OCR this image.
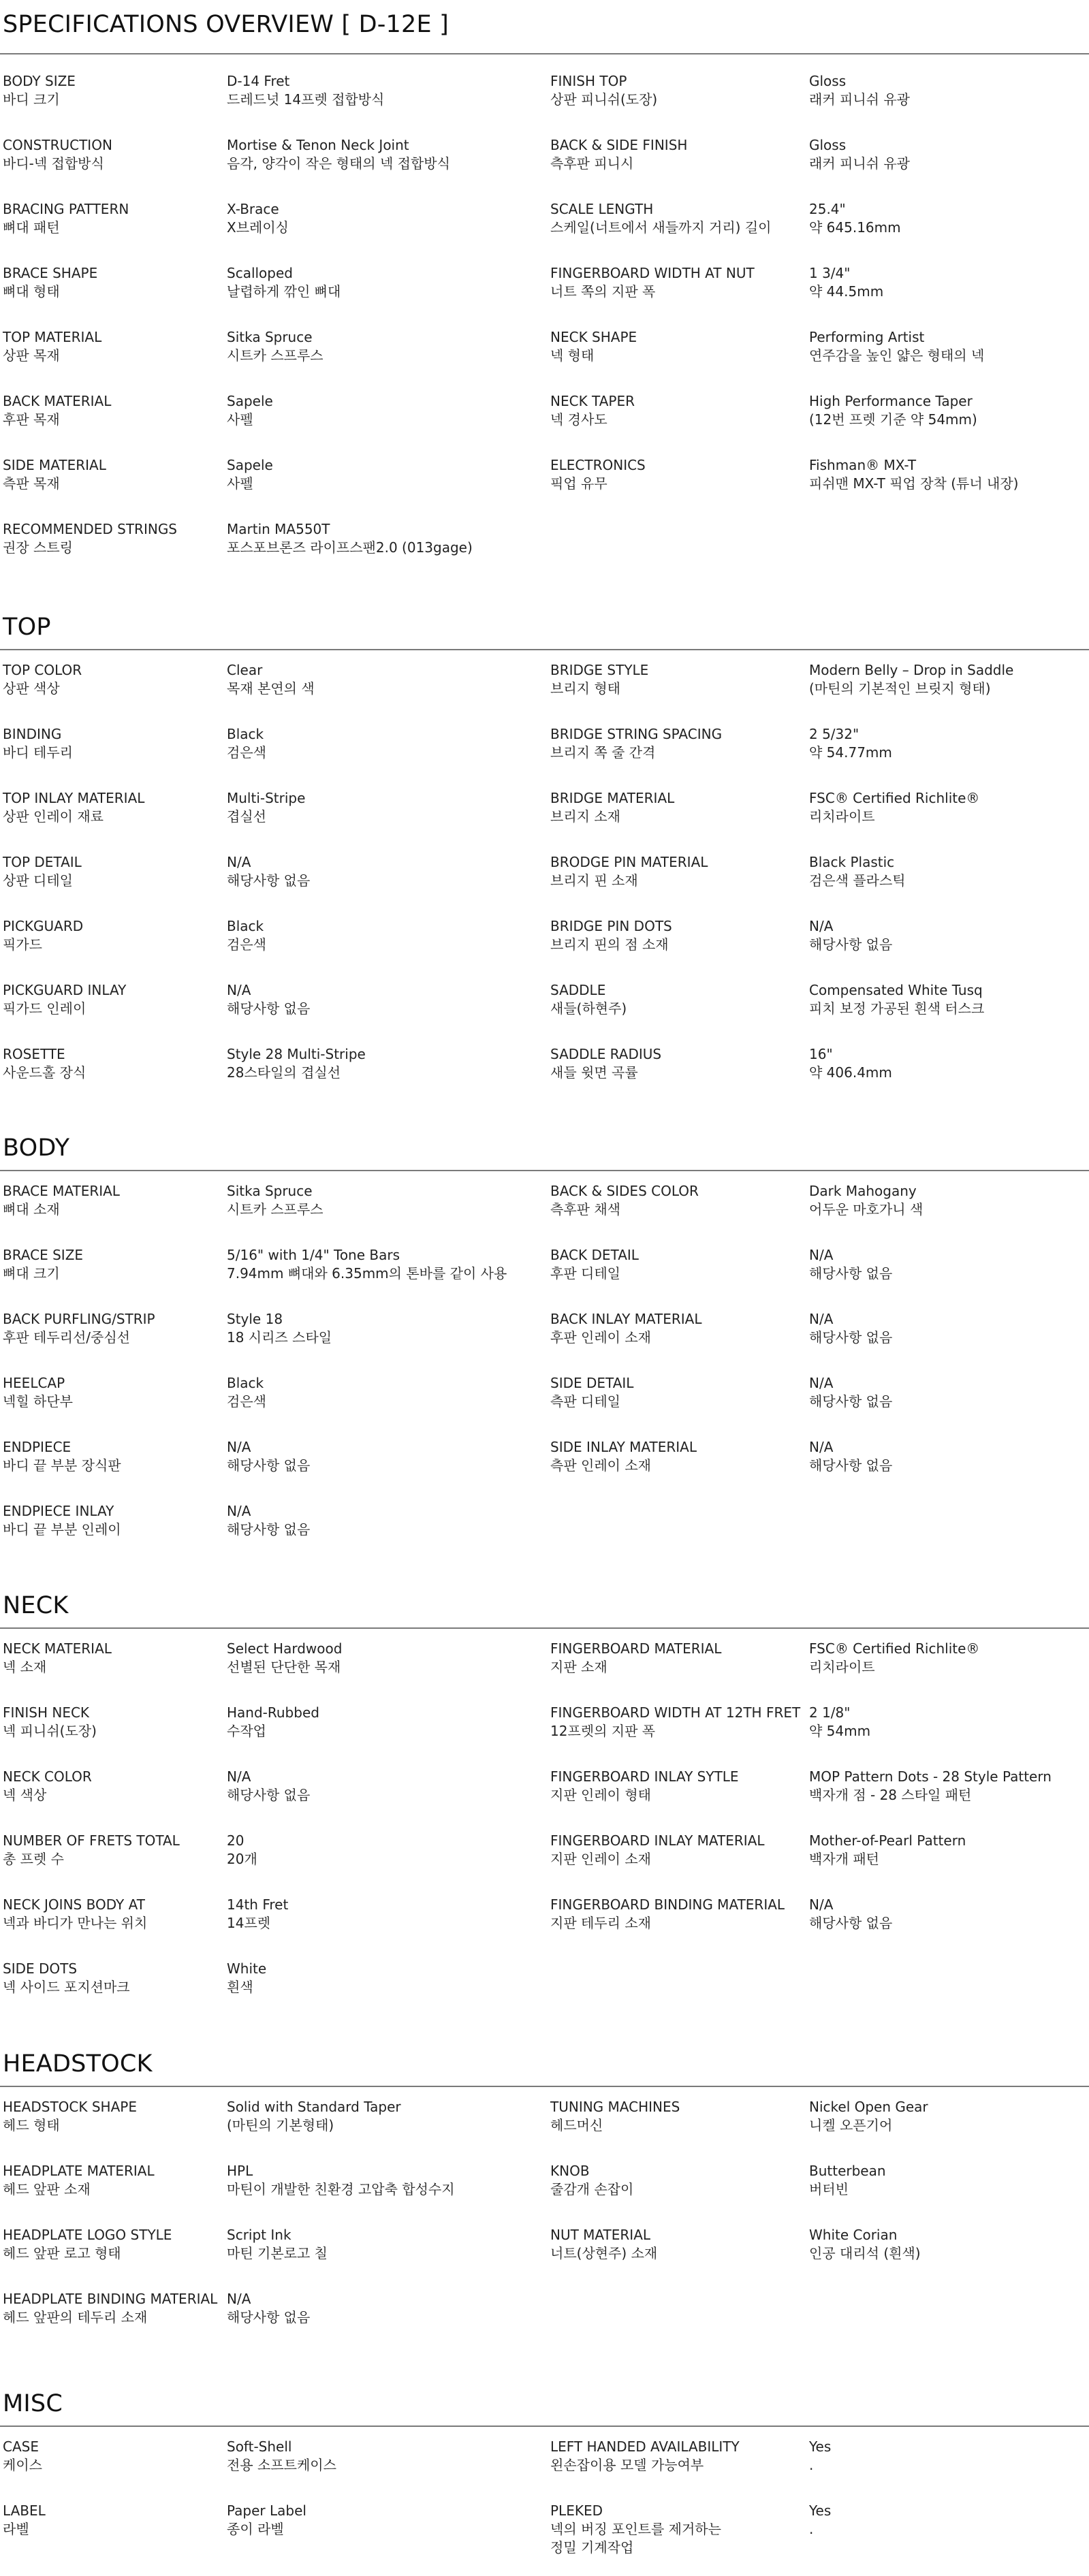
SPECIFICATIONS OVERVIEW [ D-12E ]
BODY SIZE
바디 크기
D-14 Fret
드레드넛 14프렛 접합방식
FINISH TOP
상판 피니쉬(도장)
Gloss
래커 피니쉬 유광
CONSTRUCTION
바디-넥 접합방식
Mortise & Tenon Neck Joint
음각, 양각이 작은 형태의 넥 접합방식
BACK & SIDE FINISH
측후판 피니시
Gloss
래커 피니쉬 유광
BRACING PATTERN
뼈대 패턴
X-Brace
X브레이싱
SCALE LENGTH
스케일(너트에서 새들까지 거리) 길이
25.4"
약 645.16mm
BRACE SHAPE
뼈대 형태
Scalloped
날렵하게 깎인 뼈대
FINGERBOARD WIDTH AT NUT
너트 쪽의 지판 폭
1 3/4"
약 44.5mm
TOP MATERIAL
상판 목재
Sitka Spruce
시트카 스프루스
NECK SHAPE
넥 형태
Performing Artist
연주감을 높인 얇은 형태의 넥
BACK MATERIAL
후판 목재
Sapele
사펠
NECK TAPER
넥 경사도
High Performance Taper
(12번 프렛 기준 약 54mm)
SIDE MATERIAL
측판 목재
Sapele
사펠
ELECTRONICS
픽업 유무
Fishman® MX-T
피쉬맨 MX-T 픽업 장착 (튜너 내장)
RECOMMENDED STRINGS
권장 스트링
Martin MA550T
포스포브론즈 라이프스팬2.0 (013gage)
TOP
TOP COLOR
상판 색상
Clear
목재 본연의 색
BRIDGE STYLE
브리지 형태
Modern Belly – Drop in Saddle
(마틴의 기본적인 브릿지 형태)
BINDING
바디 테두리
Black
검은색
BRIDGE STRING SPACING
브리지 쪽 줄 간격
2 5/32"
약 54.77mm
TOP INLAY MATERIAL
상판 인레이 재료
Multi-Stripe
겹실선
BRIDGE MATERIAL
브리지 소재
FSC® Certified Richlite®
리치라이트
TOP DETAIL
상판 디테일
N/A
해당사항 없음
BRODGE PIN MATERIAL
브리지 핀 소재
Black Plastic
검은색 플라스틱
PICKGUARD
픽가드
Black
검은색
BRIDGE PIN DOTS
브리지 핀의 점 소재
N/A
해당사항 없음
PICKGUARD INLAY
픽가드 인레이
N/A
해당사항 없음
SADDLE
새들(하현주)
Compensated White Tusq
피치 보정 가공된 흰색 터스크
ROSETTE
사운드홀 장식
Style 28 Multi-Stripe
28스타일의 겹실선
SADDLE RADIUS
새들 윗면 곡률
16"
약 406.4mm
BODY
BRACE MATERIAL
뼈대 소재
Sitka Spruce
시트카 스프루스
BACK & SIDES COLOR
측후판 채색
Dark Mahogany
어두운 마호가니 색
BRACE SIZE
뼈대 크기
5/16" with 1/4" Tone Bars
7.94mm 뼈대와 6.35mm의 톤바를 같이 사용
BACK DETAIL
후판 디테일
N/A
해당사항 없음
BACK PURFLING/STRIP
후판 테두리선/중심선
Style 18
18 시리즈 스타일
BACK INLAY MATERIAL
후판 인레이 소재
N/A
해당사항 없음
HEELCAP
넥힐 하단부
Black
검은색
SIDE DETAIL
측판 디테일
N/A
해당사항 없음
ENDPIECE
바디 끝 부분 장식판
N/A
해당사항 없음
SIDE INLAY MATERIAL
측판 인레이 소재
N/A
해당사항 없음
ENDPIECE INLAY
바디 끝 부분 인레이
N/A
해당사항 없음
NECK
NECK MATERIAL
넥 소재
Select Hardwood
선별된 단단한 목재
FINGERBOARD MATERIAL
지판 소재
FSC® Certified Richlite®
리치라이트
FINISH NECK
넥 피니쉬(도장)
Hand-Rubbed
수작업
FINGERBOARD WIDTH AT 12TH FRET
12프렛의 지판 폭
2 1/8"
약 54mm
NECK COLOR
넥 색상
N/A
해당사항 없음
FINGERBOARD INLAY SYTLE
지판 인레이 형태
MOP Pattern Dots - 28 Style Pattern
백자개 점 - 28 스타일 패턴
NUMBER OF FRETS TOTAL
총 프렛 수
20
20개
FINGERBOARD INLAY MATERIAL
지판 인레이 소재
Mother-of-Pearl Pattern
백자개 패턴
NECK JOINS BODY AT
넥과 바디가 만나는 위치
14th Fret
14프렛
FINGERBOARD BINDING MATERIAL
지판 테두리 소재
N/A
해당사항 없음
SIDE DOTS
넥 사이드 포지션마크
White
흰색
HEADSTOCK
HEADSTOCK SHAPE
헤드 형태
Solid with Standard Taper
(마틴의 기본형태)
TUNING MACHINES
헤드머신
Nickel Open Gear
니켈 오픈기어
HEADPLATE MATERIAL
헤드 앞판 소재
HPL
마틴이 개발한 친환경 고압축 합성수지
KNOB
줄감개 손잡이
Butterbean
버터빈
HEADPLATE LOGO STYLE
헤드 앞판 로고 형태
Script Ink
마틴 기본로고 칠
NUT MATERIAL
너트(상현주) 소재
White Corian
인공 대리석 (흰색)
HEADPLATE BINDING MATERIAL
헤드 앞판의 테두리 소재
N/A
해당사항 없음
MISC
CASE
케이스
Soft-Shell
전용 소프트케이스
LEFT HANDED AVAILABILITY
왼손잡이용 모델 가능여부
Yes
.
LABEL
라벨
Paper Label
종이 라벨
PLEKED
넥의 버징 포인트를 제거하는
정밀 기계작업
Yes
.
